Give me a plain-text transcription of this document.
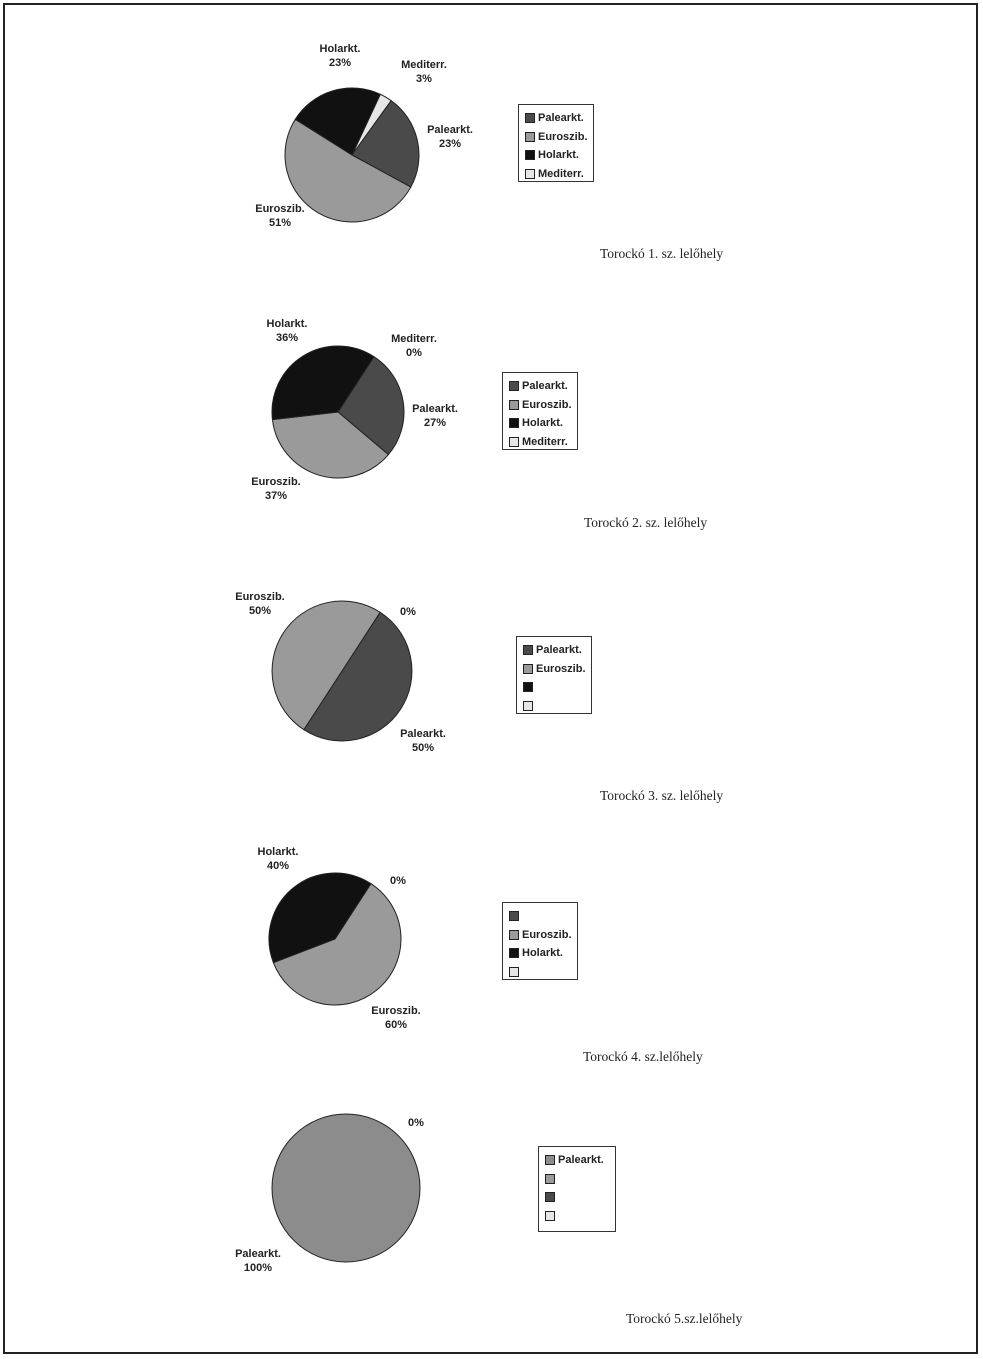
Mediterr. 3%
Palearkt. 23%
Euroszib. 51%
Holarkt. 23%
Palearkt.
Euroszib.
Holarkt.
Mediterr.
Torockó 1. sz. lelőhely
Mediterr. 0%
Palearkt. 27%
Euroszib. 37%
Holarkt. 36%
Palearkt.
Euroszib.
Holarkt.
Mediterr.
Torockó 2. sz. lelőhely
0%
Palearkt. 50%
Euroszib. 50%
Palearkt.
Euroszib.
Torockó 3. sz. lelőhely
0%
Euroszib. 60%
Holarkt. 40%
Euroszib.
Holarkt.
Torockó 4. sz.lelőhely
0%
Palearkt. 100%
Palearkt.
Torockó 5.sz.lelőhely
